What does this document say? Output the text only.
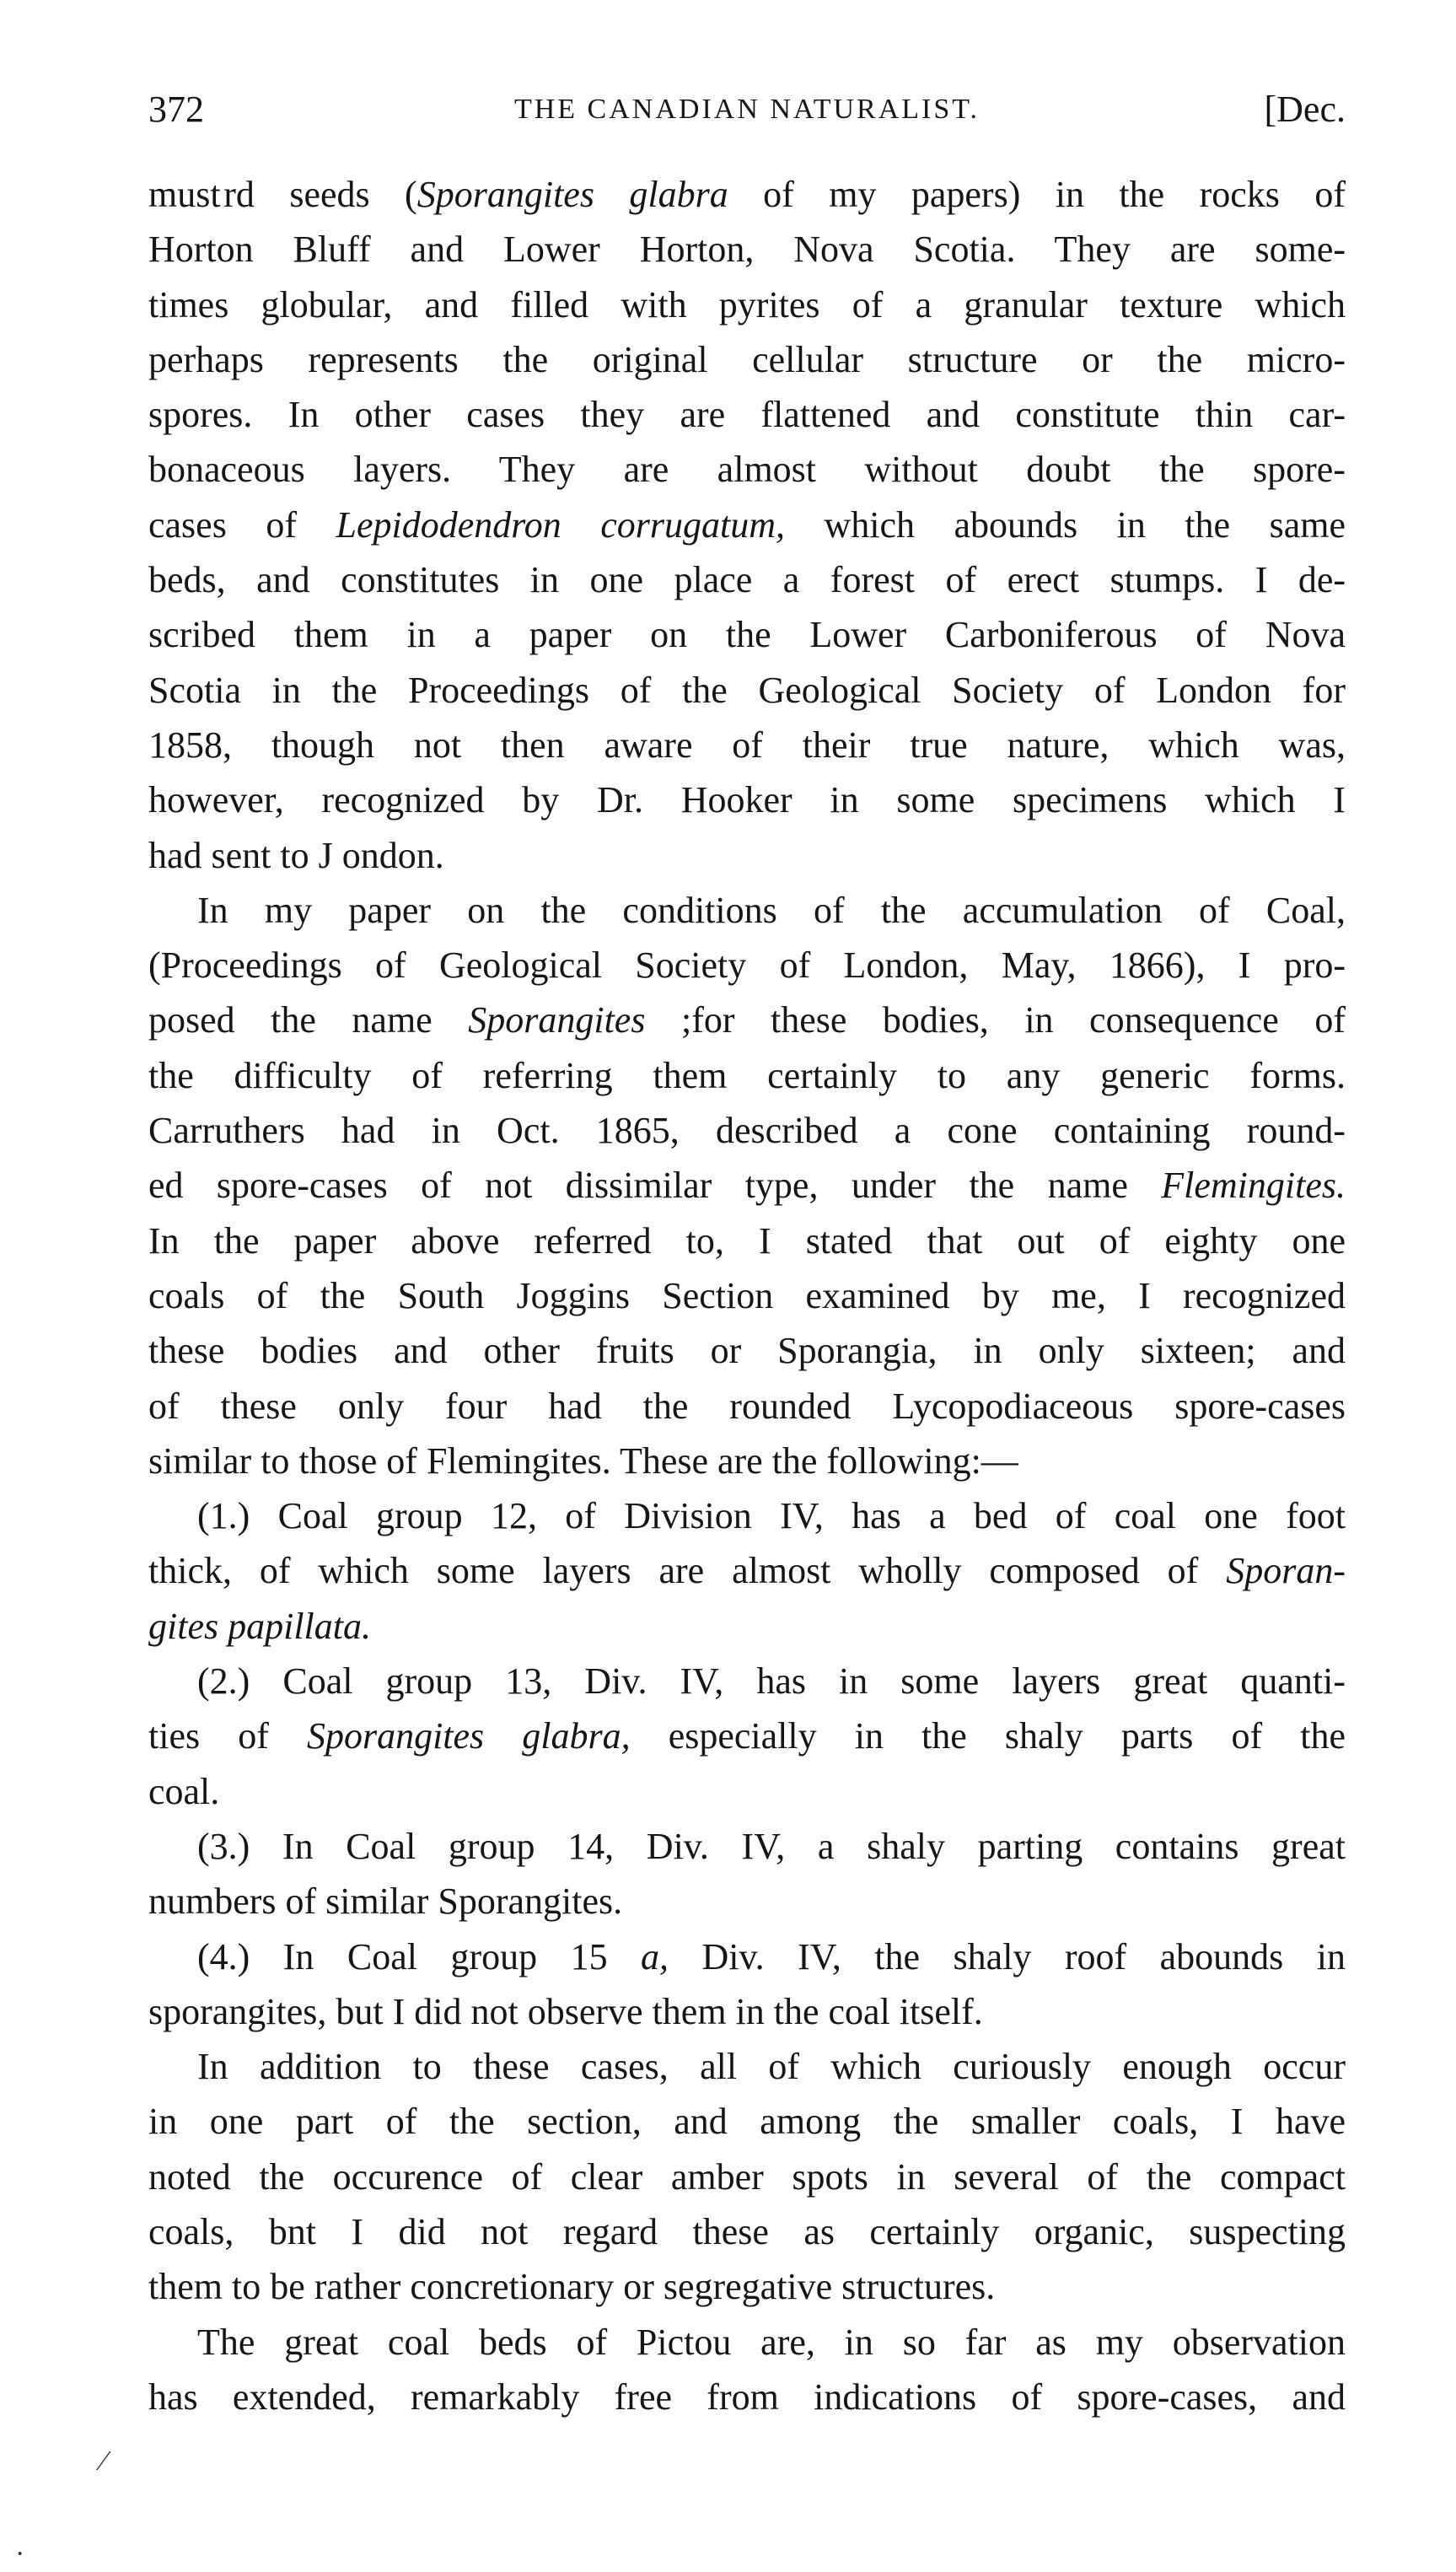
372	THE CANADIAN NATURALIST.	[Dec.
must rd seeds (Sporangites glabra of my papers) in the rocks of
Horton Bluff and Lower Horton, Nova Scotia. They are some-
times globular, and filled with pyrites of a granular texture which
perhaps represents the original cellular structure or the micro-
spores. In other cases they are flattened and constitute thin car-
bonaceous layers. They are almost without doubt the spore-
cases of Lepidodendron corrugatum, which abounds in the same
beds, and constitutes in one place a forest of erect stumps. I de-
scribed them in a paper on the Lower Carboniferous of Nova
Scotia in the Proceedings of the Geological Society of London for
1858, though not then aware of their true nature, which was,
however, recognized by Dr. Hooker in some specimens which I
had sent to J ondon.
In my paper on the conditions of the accumulation of Coal,
(Proceedings of Geological Society of London, May, 1866), I pro-
posed the name Sporangites ;for these bodies, in consequence of
the difficulty of referring them certainly to any generic forms.
Carruthers had in Oct. 1865, described a cone containing round-
ed spore-cases of not dissimilar type, under the name Flemingites.
In the paper above referred to, I stated that out of eighty one
coals of the South Joggins Section examined by me, I recognized
these bodies and other fruits or Sporangia, in only sixteen; and
of these only four had the rounded Lycopodiaceous spore-cases
similar to those of Flemingites. These are the following:—
(1.) Coal group 12, of Division IV, has a bed of coal one foot
thick, of which some layers are almost wholly composed of Sporan-
gites papillata.
(2.) Coal group 13, Div. IV, has in some layers great quanti-
ties of Sporangites glabra, especially in the shaly parts of the
coal.
(3.) In Coal group 14, Div. IV, a shaly parting contains great
numbers of similar Sporangites.
(4.) In Coal group 15 a, Div. IV, the shaly roof abounds in
sporangites, but I did not observe them in the coal itself.
In addition to these cases, all of which curiously enough occur
in one part of the section, and among the smaller coals, I have
noted the occurence of clear amber spots in several of the compact
coals, bnt I did not regard these as certainly organic, suspecting
them to be rather concretionary or segregative structures.
The great coal beds of Pictou are, in so far as my observation
has extended, remarkably free from indications of spore-cases, and
⁄
·
